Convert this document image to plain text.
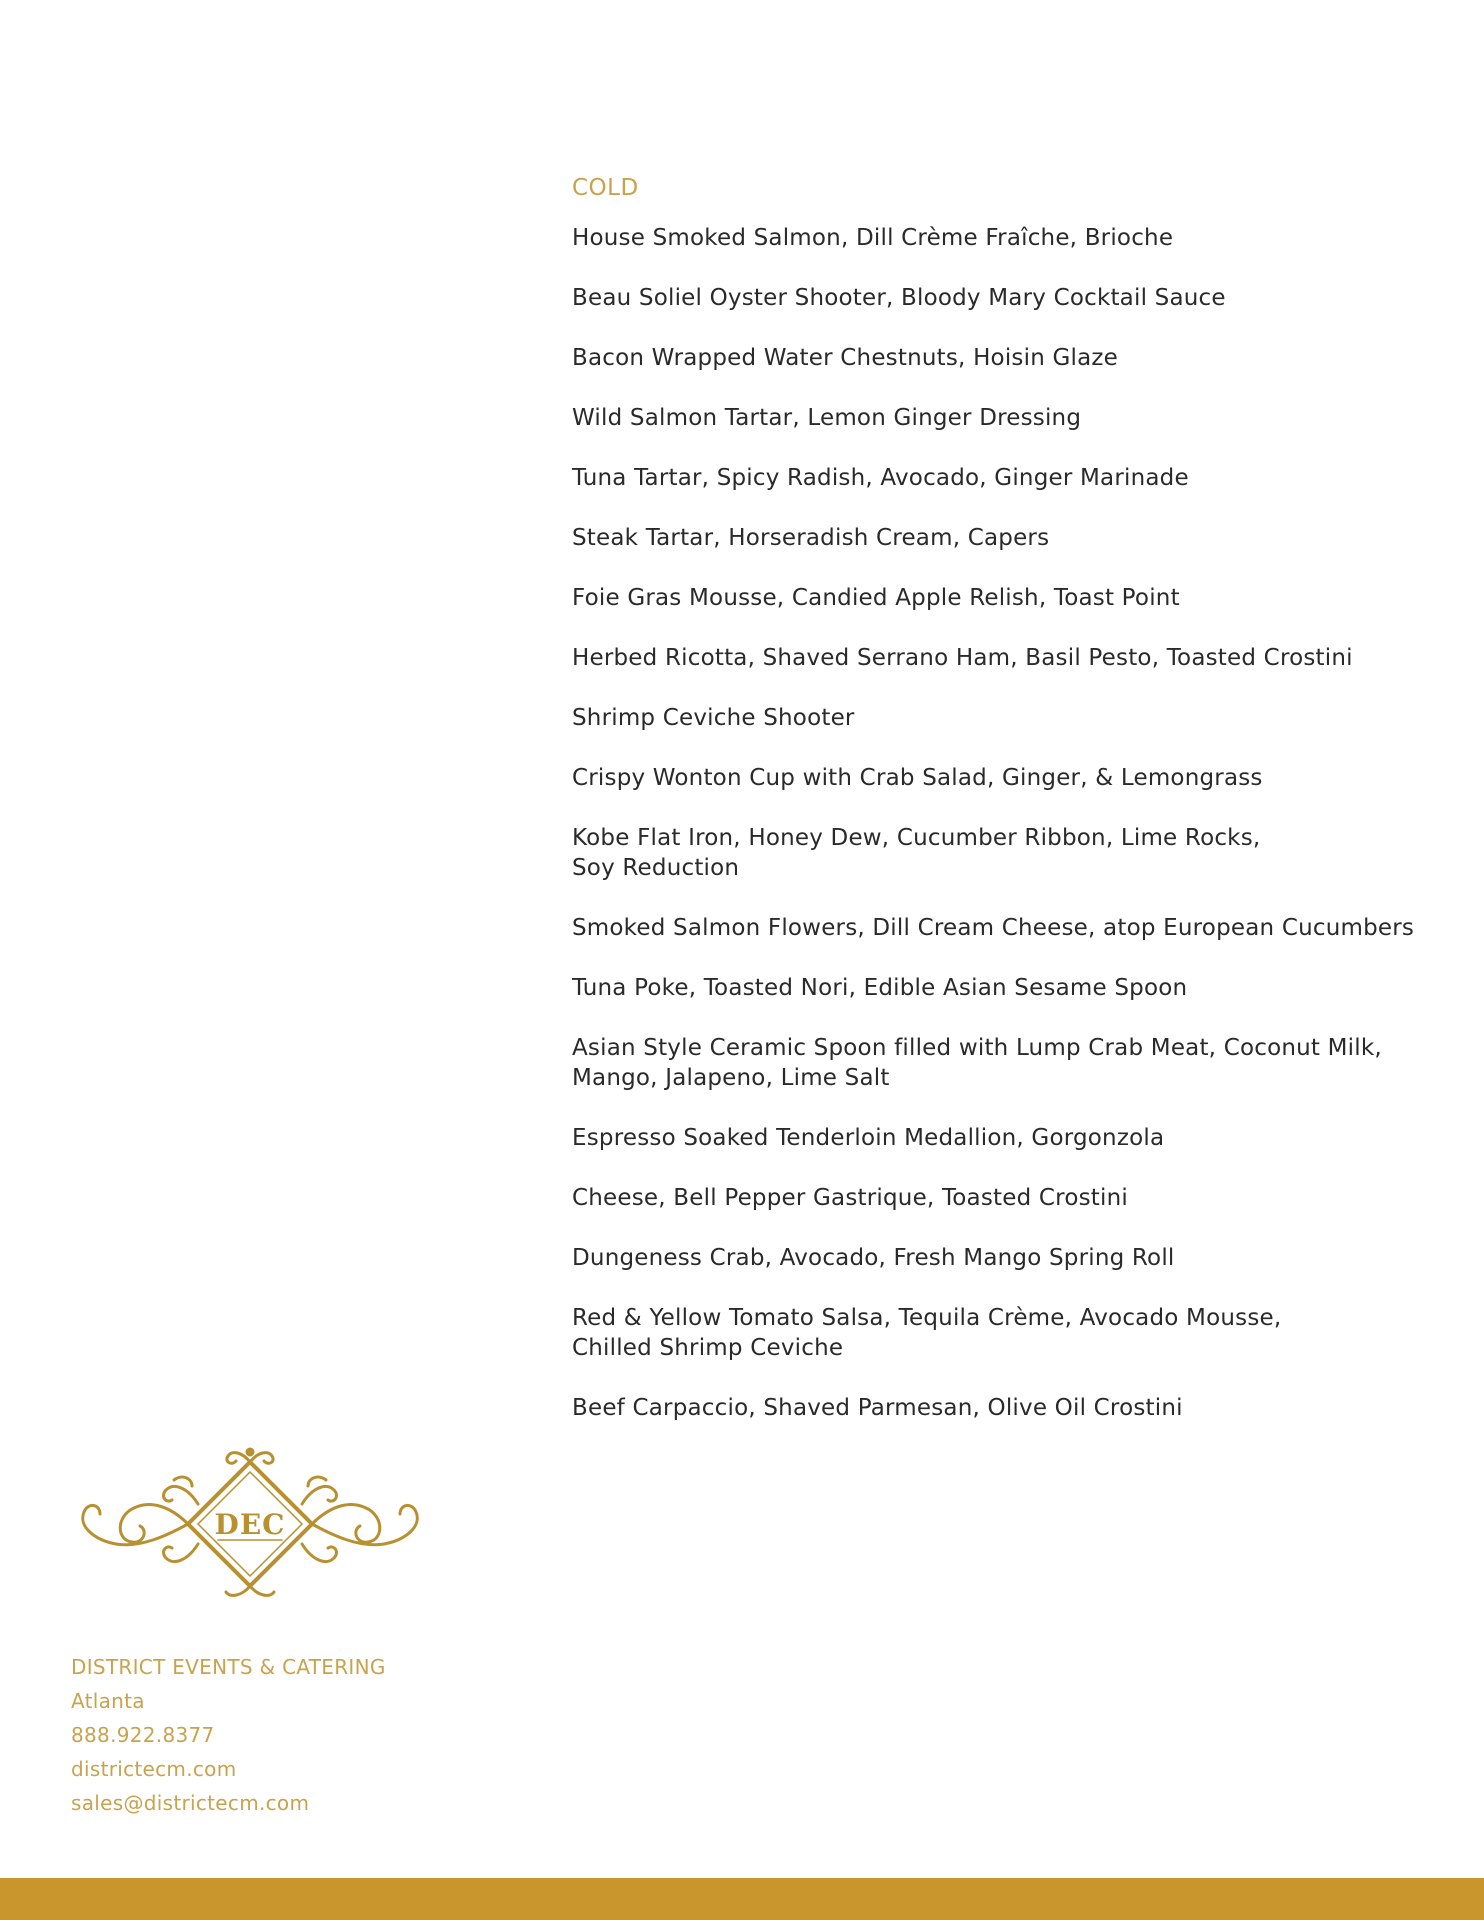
COLD
House Smoked Salmon, Dill Crème Fraîche, Brioche
Beau Soliel Oyster Shooter, Bloody Mary Cocktail Sauce
Bacon Wrapped Water Chestnuts, Hoisin Glaze
Wild Salmon Tartar, Lemon Ginger Dressing
Tuna Tartar, Spicy Radish, Avocado, Ginger Marinade
Steak Tartar, Horseradish Cream, Capers
Foie Gras Mousse, Candied Apple Relish, Toast Point
Herbed Ricotta, Shaved Serrano Ham, Basil Pesto, Toasted Crostini
Shrimp Ceviche Shooter
Crispy Wonton Cup with Crab Salad, Ginger, & Lemongrass
Kobe Flat Iron, Honey Dew, Cucumber Ribbon, Lime Rocks,
Soy Reduction
Smoked Salmon Flowers, Dill Cream Cheese, atop European Cucumbers
Tuna Poke, Toasted Nori, Edible Asian Sesame Spoon
Asian Style Ceramic Spoon filled with Lump Crab Meat, Coconut Milk,
Mango, Jalapeno, Lime Salt
Espresso Soaked Tenderloin Medallion, Gorgonzola
Cheese, Bell Pepper Gastrique, Toasted Crostini
Dungeness Crab, Avocado, Fresh Mango Spring Roll
Red & Yellow Tomato Salsa, Tequila Crème, Avocado Mousse,
Chilled Shrimp Ceviche
Beef Carpaccio, Shaved Parmesan, Olive Oil Crostini
DEC
DISTRICT EVENTS & CATERING
Atlanta
888.922.8377
districtecm.com
sales@districtecm.com
